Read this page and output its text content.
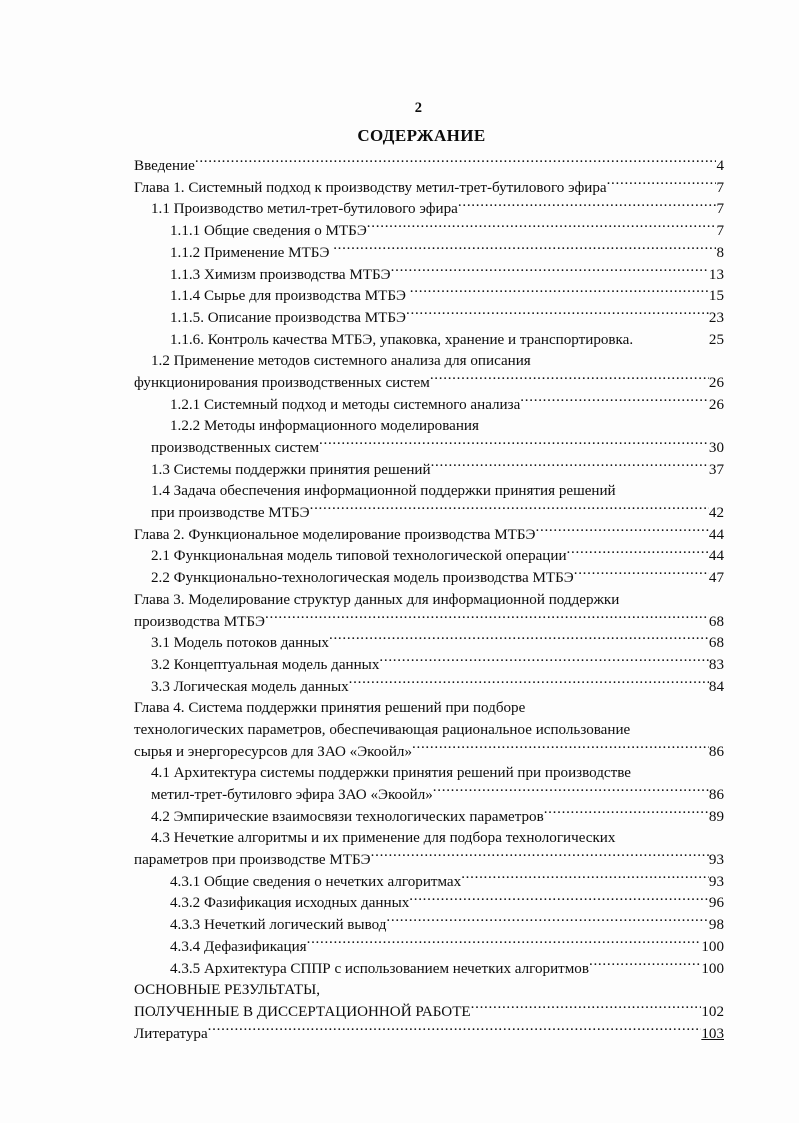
2
СОДЕРЖАНИЕ
Введение .....	4
Глава 1. Системный подход к производству метил-трет-бутилового эфира .....	7
1.1 Производство метил-трет-бутилового эфира .....	7
1.1.1 Общие сведения о МТБЭ .....	7
1.1.2 Применение МТБЭ .....	8
1.1.3 Химизм производства МТБЭ .....	13
1.1.4 Сырье для производства МТБЭ .....	15
1.1.5. Описание производства МТБЭ .....	23
1.1.6. Контроль качества МТБЭ, упаковка, хранение и транспортировка.	25
1.2 Применение методов системного анализа для описания
функционирования производственных систем .....	26
1.2.1 Системный подход и методы системного анализа .....	26
1.2.2 Методы информационного моделирования
производственных систем .....	30
1.3 Системы поддержки принятия решений .....	37
1.4 Задача обеспечения информационной поддержки принятия решений
при производстве МТБЭ .....	42
Глава 2. Функциональное моделирование производства МТБЭ .....	44
2.1 Функциональная модель типовой технологической операции .....	44
2.2 Функционально-технологическая модель производства МТБЭ .....	47
Глава 3. Моделирование структур данных для информационной поддержки
производства МТБЭ .....	68
3.1 Модель потоков данных .....	68
3.2 Концептуальная модель данных .....	83
3.3 Логическая модель данных .....	84
Глава 4. Система поддержки принятия решений при подборе
технологических параметров, обеспечивающая рациональное использование
сырья и энергоресурсов для ЗАО «Экоойл» .....	86
4.1 Архитектура системы поддержки принятия решений при производстве
метил-трет-бутиловго эфира ЗАО «Экоойл» .....	86
4.2 Эмпирические взаимосвязи технологических параметров .....	89
4.3 Нечеткие алгоритмы и их применение для подбора технологических
параметров при производстве МТБЭ .....	93
4.3.1 Общие сведения о нечетких алгоритмах .....	93
4.3.2 Фазификация исходных данных .....	96
4.3.3 Нечеткий логический вывод .....	98
4.3.4 Дефазификация .....	100
4.3.5 Архитектура СППР с использованием нечетких алгоритмов .....	100
ОСНОВНЫЕ РЕЗУЛЬТАТЫ,
ПОЛУЧЕННЫЕ В ДИССЕРТАЦИОННОЙ РАБОТЕ .....	102
Литература .....	103
